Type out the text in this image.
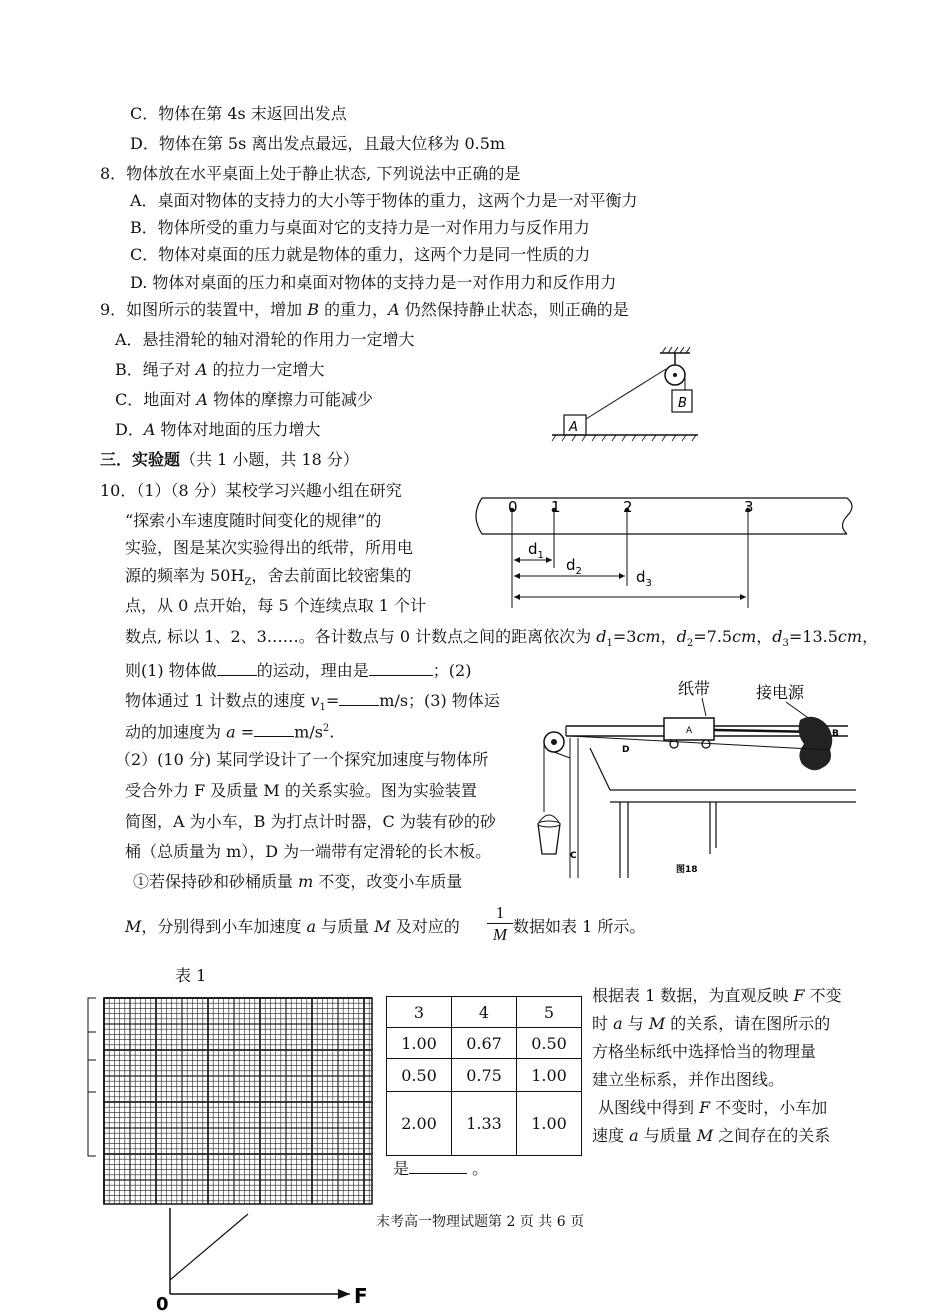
C．物体在第 4s 末返回出发点
D．物体在第 5s 离出发点最远，且最大位移为 0.5m
8．物体放在水平桌面上处于静止状态, 下列说法中正确的是
A．桌面对物体的支持力的大小等于物体的重力，这两个力是一对平衡力
B．物体所受的重力与桌面对它的支持力是一对作用力与反作用力
C．物体对桌面的压力就是物体的重力，这两个力是同一性质的力
D. 物体对桌面的压力和桌面对物体的支持力是一对作用力和反作用力
9．如图所示的装置中，增加 B 的重力，A 仍然保持静止状态，则正确的是
A．悬挂滑轮的轴对滑轮的作用力一定增大
B．绳子对 A 的拉力一定增大
C．地面对 A 物体的摩擦力可能减少
D．A 物体对地面的压力增大
B
A
三．实验题（共 1 小题，共 18 分）
10．（1）（8 分）某校学习兴趣小组在研究
“探索小车速度随时间变化的规律”的
实验，图是某次实验得出的纸带，所用电
源的频率为 $50H_Z$，舍去前面比较密集的
点，从 0 点开始，每 5 个连续点取 1 个计
数点, 标以 1、2、3……。各计数点与 0 计数点之间的距离依次为 $d_1=3cm$，$d_2=7.5cm$，$d_3=13.5cm$，
则(1) 物体做	的运动，理由是	；(2)
物体通过 1 计数点的速度 $v_1=$	m/s；(3) 物体运
动的加速度为 a =	$m/s^2$.
0 1	2	3
$d_1$
$d_2$	$d_3$
（2）(10 分) 某同学设计了一个探究加速度与物体所
受合外力 F 及质量 M 的关系实验。图为实验装置
简图，A 为小车，B 为打点计时器，C 为装有砂的砂
桶（总质量为 m），D 为一端带有定滑轮的长木板。
①若保持砂和砂桶质量 m 不变，改变小车质量
M，分别得到小车加速度 a 与质量 M 及对应的 $\frac{1}{M}$ 数据如表 1 所示。
纸带	接电源
A	B
D
C
图18
表 1
3	4	5
1.00	0.67	0.50
0.50	0.75	1.00
2.00	1.33	1.00
根据表 1 数据，为直观反映 F 不变
时 a 与 M 的关系，请在图所示的
方格坐标纸中选择恰当的物理量
建立坐标系，并作出图线。
从图线中得到 F 不变时，小车加
速度 a 与质量 M 之间存在的关系
是	。
末考高一物理试题第 2 页 共 6 页
0	F
